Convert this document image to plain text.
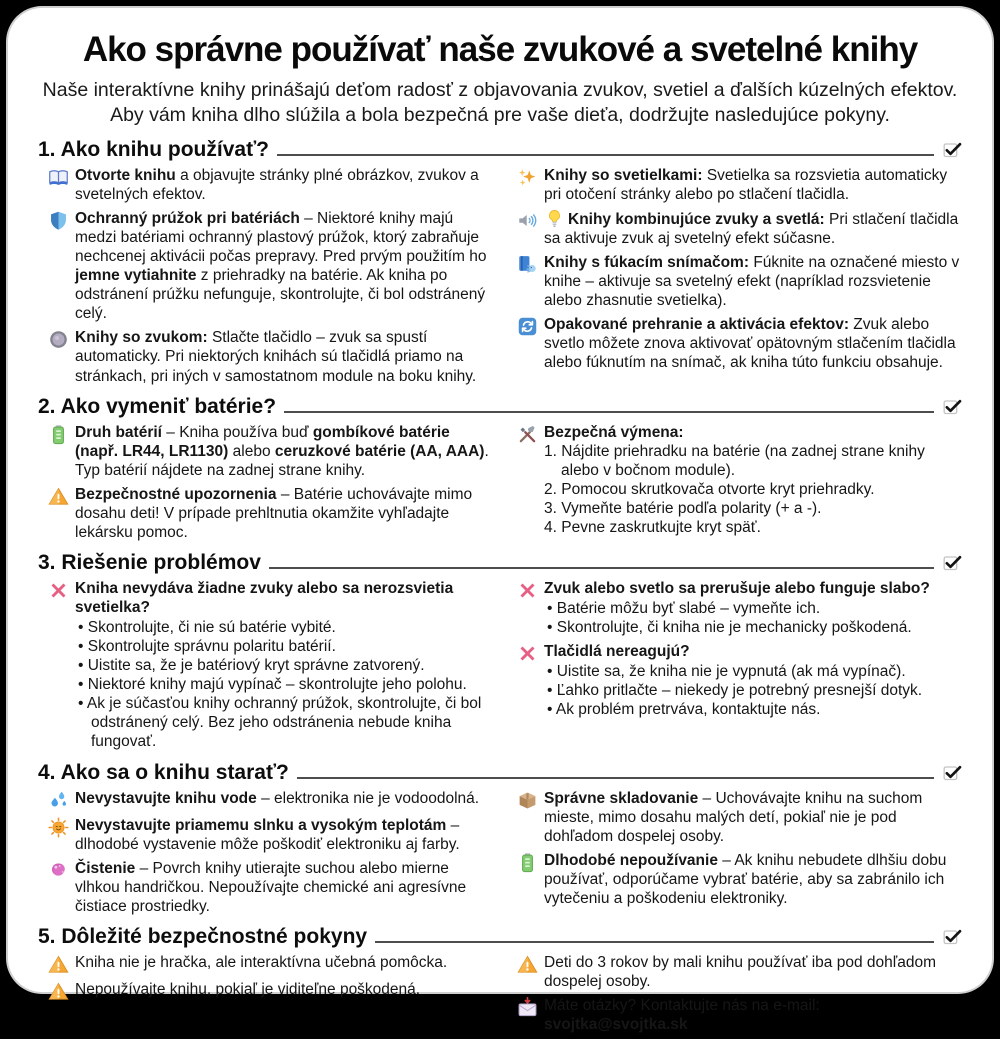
Ako správne používať naše zvukové a svetelné knihy

Naše interaktívne knihy prinášajú deťom radosť z objavovania zvukov, svetiel a ďalších kúzelných efektov. Aby vám kniha dlho slúžila a bola bezpečná pre vaše dieťa, dodržujte nasledujúce pokyny.

1. Ako knihu používať?
Otvorte knihu a objavujte stránky plné obrázkov, zvukov a svetelných efektov.
Ochranný prúžok pri batériách – Niektoré knihy majú medzi batériami ochranný plastový prúžok, ktorý zabraňuje nechcenej aktivácii počas prepravy. Pred prvým použitím ho jemne vytiahnite z priehradky na batérie. Ak kniha po odstránení prúžku nefunguje, skontrolujte, či bol odstránený celý.
Knihy so zvukom: Stlačte tlačidlo – zvuk sa spustí automaticky. Pri niektorých knihách sú tlačidlá priamo na stránkach, pri iných v samostatnom module na boku knihy.
Knihy so svetielkami: Svetielka sa rozsvietia automaticky pri otočení stránky alebo po stlačení tlačidla.
Knihy kombinujúce zvuky a svetlá: Pri stlačení tlačidla sa aktivuje zvuk aj svetelný efekt súčasne.
Knihy s fúkacím snímačom: Fúknite na označené miesto v knihe – aktivuje sa svetelný efekt (napríklad rozsvietenie alebo zhasnutie svetielka).
Opakované prehranie a aktivácia efektov: Zvuk alebo svetlo môžete znova aktivovať opätovným stlačením tlačidla alebo fúknutím na snímač, ak kniha túto funkciu obsahuje.
2. Ako vymeniť batérie?
Druh batérií – Kniha používa buď gombíkové batérie (např. LR44, LR1130) alebo ceruzkové batérie (AA, AAA). Typ batérií nájdete na zadnej strane knihy.
Bezpečnostné upozornenia – Batérie uchovávajte mimo dosahu deti! V prípade prehltnutia okamžite vyhľadajte lekársku pomoc.
Bezpečná výmena:
1. Nájdite priehradku na batérie (na zadnej strane knihy alebo v bočnom module).
2. Pomocou skrutkovača otvorte kryt priehradky.
3. Vymeňte batérie podľa polarity (+ a -).
4. Pevne zaskrutkujte kryt späť.
3. Riešenie problémov
Kniha nevydáva žiadne zvuky alebo sa nerozsvietia svetielka?
• Skontrolujte, či nie sú batérie vybité.
• Skontrolujte správnu polaritu batérií.
• Uistite sa, že je batériový kryt správne zatvorený.
• Niektoré knihy majú vypínač – skontrolujte jeho polohu.
• Ak je súčasťou knihy ochranný prúžok, skontrolujte, či bol odstránený celý. Bez jeho odstránenia nebude kniha fungovať.
Zvuk alebo svetlo sa prerušuje alebo funguje slabo?
• Batérie môžu byť slabé – vymeňte ich.
• Skontrolujte, či kniha nie je mechanicky poškodená.
Tlačidlá nereagujú?
• Uistite sa, že kniha nie je vypnutá (ak má vypínač).
• Ľahko pritlačte – niekedy je potrebný presnejší dotyk.
• Ak problém pretrváva, kontaktujte nás.
4. Ako sa o knihu starať?
Nevystavujte knihu vode – elektronika nie je vodoodolná.
Nevystavujte priamemu slnku a vysokým teplotám – dlhodobé vystavenie môže poškodiť elektroniku aj farby.
Čistenie – Povrch knihy utierajte suchou alebo mierne vlhkou handričkou. Nepoužívajte chemické ani agresívne čistiace prostriedky.
Správne skladovanie – Uchovávajte knihu na suchom mieste, mimo dosahu malých detí, pokiaľ nie je pod dohľadom dospelej osoby.
Dlhodobé nepoužívanie – Ak knihu nebudete dlhšiu dobu používať, odporúčame vybrať batérie, aby sa zabránilo ich vytečeniu a poškodeniu elektroniky.
5. Dôležité bezpečnostné pokyny
Kniha nie je hračka, ale interaktívna učebná pomôcka.
Nepoužívajte knihu, pokiaľ je viditeľne poškodená.
Deti do 3 rokov by mali knihu používať iba pod dohľadom dospelej osoby.
Máte otázky? Kontaktujte nás na e-mail: svojtka@svojtka.sk
